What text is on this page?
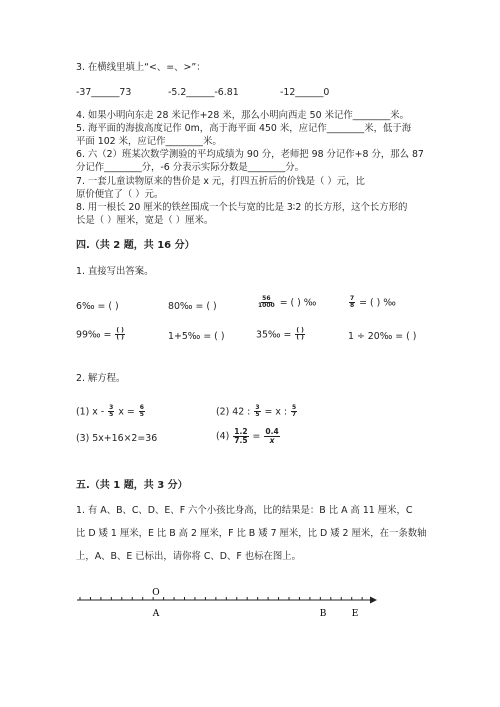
3. 在横线里填上“<、=、>”：
-37______73	-5.2______-6.81	-12______0
4. 如果小明向东走 28 米记作+28 米，那么小明向西走 50 米记作________米。
5. 海平面的海拔高度记作 0m，高于海平面 450 米，应记作________米，低于海
平面 102 米，应记作________米。
6. 六（2）班某次数学测验的平均成绩为 90 分，老师把 98 分记作+8 分，那么 87
分记作________分，-6 分表示实际分数是________分。
7. 一套儿童读物原来的售价是 x 元，打四五折后的价钱是（ ）元，比
原价便宜了（ ）元。
8. 用一根长 20 厘米的铁丝围成一个长与宽的比是 3∶2 的长方形，这个长方形的
长是（ ）厘米，宽是（ ）厘米。
四.（共 2 题，共 16 分）
1. 直接写出答案。
6‰ = ( )	80‰ = ( )	$\frac{56}{1000}$ = ( ) ‰	$\frac{7}{8}$ = ( ) ‰
99‰ = $\frac{( )}{( )}$	1+5‰ = ( )	35‰ = $\frac{( )}{( )}$	1 ÷ 20‰ = ( )
2. 解方程。
(1) x - $\frac{3}{5}$ $x = \frac{6}{5}$	(2) 42 : $\frac{3}{5} = x$ : $\frac{5}{7}$
(3) 5x+16×2=36	$(4) \frac{1.2}{7.5} = \frac{0.4}{x}$
五.（共 1 题，共 3 分）
1. 有 A、B、C、D、E、F 六个小孩比身高，比的结果是：B 比 A 高 11 厘米，C
比 D 矮 1 厘米，E 比 B 高 2 厘米，F 比 B 矮 7 厘米，比 D 矮 2 厘米，在一条数轴
上，A、B、E 已标出，请你将 C、D、F 也标在图上。
O
A	B	E
